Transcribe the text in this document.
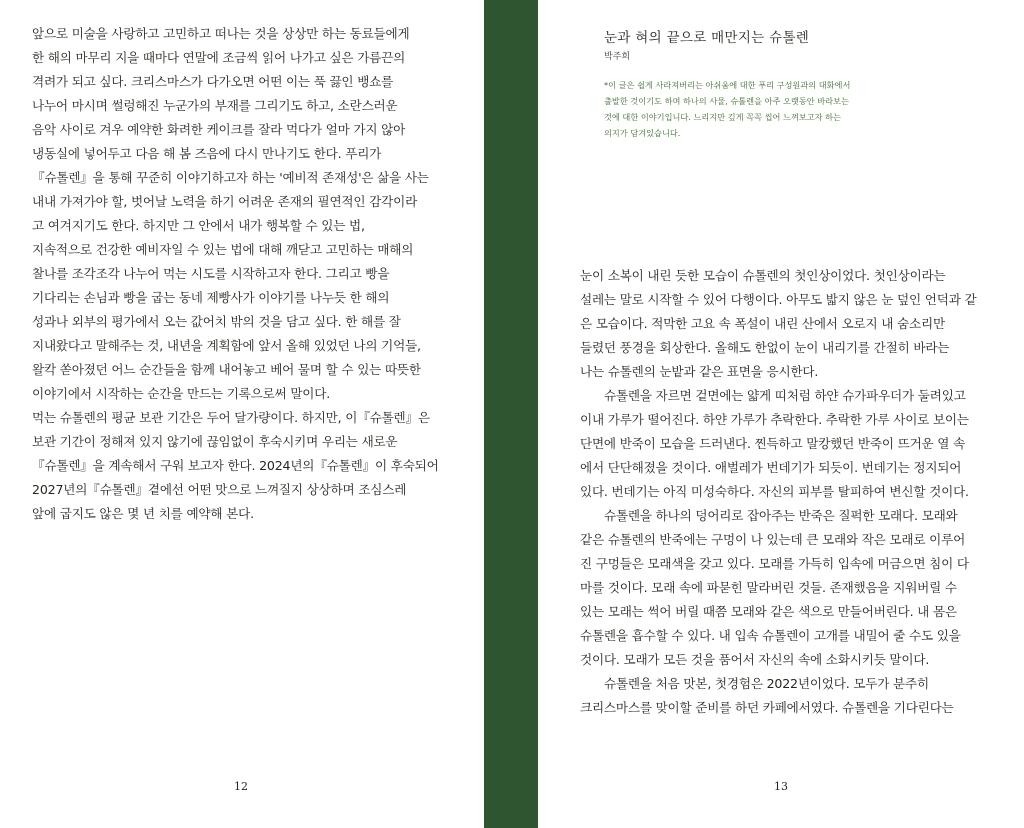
앞으로 미술을 사랑하고 고민하고 떠나는 것을 상상만 하는 동료들에게
한 해의 마무리 지을 때마다 연말에 조금씩 읽어 나가고 싶은 가름끈의
격려가 되고 싶다. 크리스마스가 다가오면 어떤 이는 푹 끓인 뱅쇼를
나누어 마시며 썰렁해진 누군가의 부재를 그리기도 하고, 소란스러운
음악 사이로 겨우 예약한 화려한 케이크를 잘라 먹다가 얼마 가지 않아
냉동실에 넣어두고 다음 해 봄 즈음에 다시 만나기도 한다. 푸리가
『슈톨렌』을 통해 꾸준히 이야기하고자 하는 '예비적 존재성'은 삶을 사는
내내 가져가야 할, 벗어날 노력을 하기 어려운 존재의 필연적인 감각이라
고 여겨지기도 한다. 하지만 그 안에서 내가 행복할 수 있는 법,
지속적으로 건강한 예비자일 수 있는 법에 대해 깨닫고 고민하는 매해의
찰나를 조각조각 나누어 먹는 시도를 시작하고자 한다. 그리고 빵을
기다리는 손님과 빵을 굽는 동네 제빵사가 이야기를 나누듯 한 해의
성과나 외부의 평가에서 오는 값어치 밖의 것을 담고 싶다. 한 해를 잘
지내왔다고 말해주는 것, 내년을 계획함에 앞서 올해 있었던 나의 기억들,
왈칵 쏟아졌던 어느 순간들을 함께 내어놓고 베어 물며 할 수 있는 따뜻한
이야기에서 시작하는 순간을 만드는 기록으로써 말이다.
먹는 슈톨렌의 평균 보관 기간은 두어 달가량이다. 하지만, 이『슈톨렌』은
보관 기간이 정해져 있지 않기에 끊임없이 후숙시키며 우리는 새로운
『슈톨렌』을 계속해서 구워 보고자 한다. 2024년의『슈톨렌』이 후숙되어
2027년의『슈톨렌』곁에선 어떤 맛으로 느껴질지 상상하며 조심스레
앞에 굽지도 않은 몇 년 치를 예약해 본다.
12
눈과 혀의 끝으로 매만지는 슈톨렌
박주희
*이 글은 쉽게 사라져버리는 아쉬움에 대한 푸리 구성원과의 대화에서
출발한 것이기도 하며 하나의 사물, 슈톨렌을 아주 오랫동안 바라보는
것에 대한 이야기입니다. 느리지만 깊게 꼭꼭 씹어 느껴보고자 하는
의지가 담겨있습니다.
눈이 소복이 내린 듯한 모습이 슈톨렌의 첫인상이었다. 첫인상이라는
설레는 말로 시작할 수 있어 다행이다. 아무도 밟지 않은 눈 덮인 언덕과 같
은 모습이다. 적막한 고요 속 폭설이 내린 산에서 오로지 내 숨소리만
들렸던 풍경을 회상한다. 올해도 한없이 눈이 내리기를 간절히 바라는
나는 슈톨렌의 눈밭과 같은 표면을 응시한다.
슈톨렌을 자르면 겉면에는 얇게 띠처럼 하얀 슈가파우더가 둘려있고
이내 가루가 떨어진다. 하얀 가루가 추락한다. 추락한 가루 사이로 보이는
단면에 반죽이 모습을 드러낸다. 찐득하고 말캉했던 반죽이 뜨거운 열 속
에서 단단해졌을 것이다. 애벌레가 번데기가 되듯이. 번데기는 정지되어
있다. 번데기는 아직 미성숙하다. 자신의 피부를 탈피하여 변신할 것이다.
슈톨렌을 하나의 덩어리로 잡아주는 반죽은 질퍽한 모래다. 모래와
같은 슈톨렌의 반죽에는 구멍이 나 있는데 큰 모래와 작은 모래로 이루어
진 구멍들은 모래색을 갖고 있다. 모래를 가득히 입속에 머금으면 침이 다
마를 것이다. 모래 속에 파묻힌 말라버린 것들. 존재했음을 지워버릴 수
있는 모래는 썩어 버릴 때쯤 모래와 같은 색으로 만들어버린다. 내 몸은
슈톨렌을 흡수할 수 있다. 내 입속 슈톨렌이 고개를 내밀어 줄 수도 있을
것이다. 모래가 모든 것을 품어서 자신의 속에 소화시키듯 말이다.
슈톨렌을 처음 맛본, 첫경험은 2022년이었다. 모두가 분주히
크리스마스를 맞이할 준비를 하던 카페에서였다. 슈톨렌을 기다린다는
13
